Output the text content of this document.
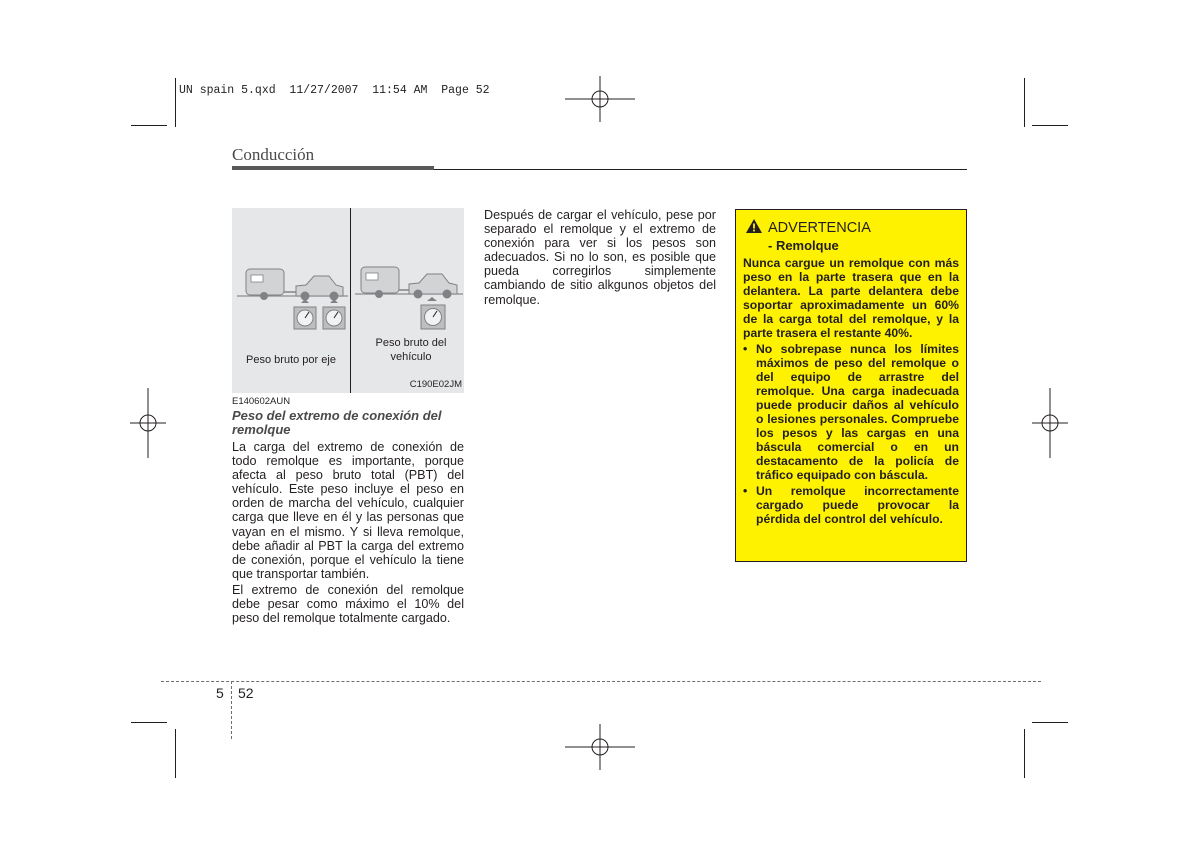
UN spain 5.qxd  11/27/2007  11:54 AM  Page 52
Conducción
Peso bruto por eje
Peso bruto del
vehículo
C190E02JM
E140602AUN
Peso del extremo de conexión del remolque

La carga del extremo de conexión de todo remolque es importante, porque afecta al peso bruto total (PBT) del vehículo. Este peso incluye el peso en orden de marcha del vehículo, cualquier carga que lleve en él y las personas que vayan en el mismo. Y si lleva remolque, debe añadir al PBT la carga del extremo de conexión, porque el vehículo la tiene que transportar también.

El extremo de conexión del remolque debe pesar como máximo el 10% del peso del remolque totalmente cargado.

Después de cargar el vehículo, pese por separado el remolque y el extremo de conexión para ver si los pesos son adecuados. Si no lo son, es posible que pueda corregirlos simplemente cambiando de sitio alkgunos objetos del remolque.

ADVERTENCIA
- Remolque
Nunca cargue un remolque con más peso en la parte trasera que en la delantera. La parte delantera debe soportar aproximadamente un 60% de la carga total del remolque, y la parte trasera el restante 40%.
• No sobrepase nunca los límites máximos de peso del remolque o del equipo de arrastre del remolque. Una carga inadecuada puede producir daños al vehículo o lesiones personales. Compruebe los pesos y las cargas en una báscula comercial o en un destacamento de la policía de tráfico equipado con báscula.
• Un remolque incorrectamente cargado puede provocar la pérdida del control del vehículo.
5 52
